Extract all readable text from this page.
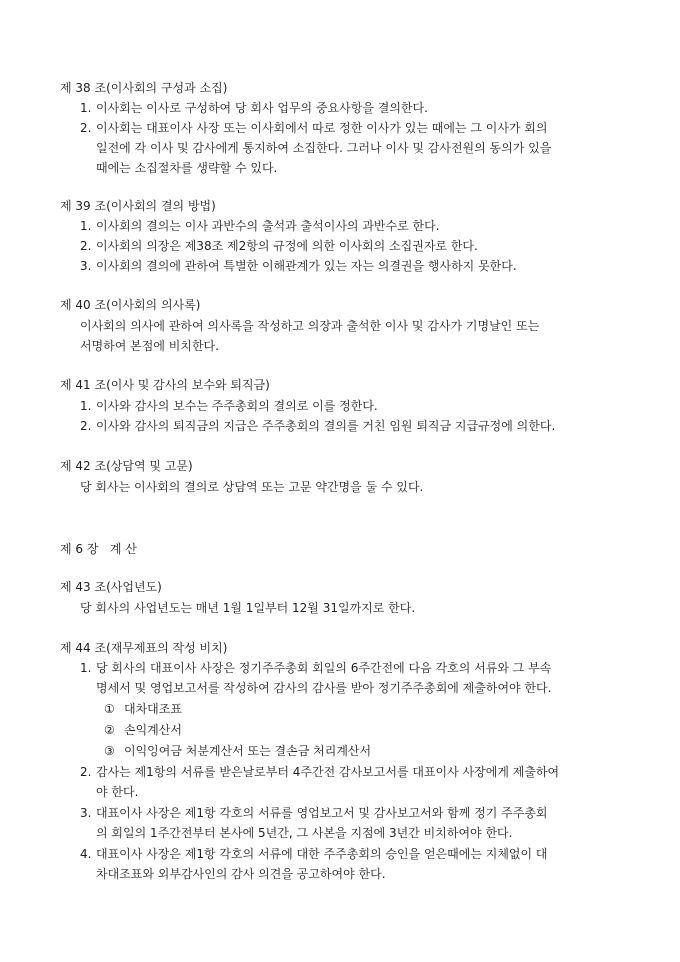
제 38 조(이사회의 구성과 소집)
1. 이사회는 이사로 구성하여 당 회사 업무의 중요사항을 결의한다.
2. 이사회는 대표이사 사장 또는 이사회에서 따로 정한 이사가 있는 때에는 그 이사가 회의
일전에 각 이사 및 감사에게 통지하여 소집한다. 그러나 이사 및 감사전원의 동의가 있을
때에는 소집절차를 생략할 수 있다.
제 39 조(이사회의 결의 방법)
1. 이사회의 결의는 이사 과반수의 출석과 출석이사의 과반수로 한다.
2. 이사회의 의장은 제38조 제2항의 규정에 의한 이사회의 소집권자로 한다.
3. 이사회의 결의에 관하여 특별한 이해관계가 있는 자는 의결권을 행사하지 못한다.
제 40 조(이사회의 의사록)
이사회의 의사에 관하여 의사록을 작성하고 의장과 출석한 이사 및 감사가 기명날인 또는
서명하여 본점에 비치한다.
제 41 조(이사 및 감사의 보수와 퇴직금)
1. 이사와 감사의 보수는 주주총회의 결의로 이를 정한다.
2. 이사와 감사의 퇴직금의 지급은 주주총회의 결의를 거친 임원 퇴직금 지급규정에 의한다.
제 42 조(상담역 및 고문)
당 회사는 이사회의 결의로 상담역 또는 고문 약간명을 둘 수 있다.
제 6 장   계 산
제 43 조(사업년도)
당 회사의 사업년도는 매년 1월 1일부터 12월 31일까지로 한다.
제 44 조(재무제표의 작성 비치)
1. 당 회사의 대표이사 사장은 정기주주총회 회일의 6주간전에 다음 각호의 서류와 그 부속
명세서 및 영업보고서를 작성하여 감사의 감사를 받아 정기주주총회에 제출하여야 한다.
① 대차대조표
② 손익계산서
③ 이익잉여금 처분계산서 또는 결손금 처리계산서
2. 감사는 제1항의 서류를 받은날로부터 4주간전 감사보고서를 대표이사 사장에게 제출하여
야 한다.
3. 대표이사 사장은 제1항 각호의 서류를 영업보고서 및 감사보고서와 함께 정기 주주총회
의 회일의 1주간전부터 본사에 5년간, 그 사본을 지점에 3년간 비치하여야 한다.
4. 대표이사 사장은 제1항 각호의 서류에 대한 주주총회의 승인을 얻은때에는 지체없이 대
차대조표와 외부감사인의 감사 의견을 공고하여야 한다.
